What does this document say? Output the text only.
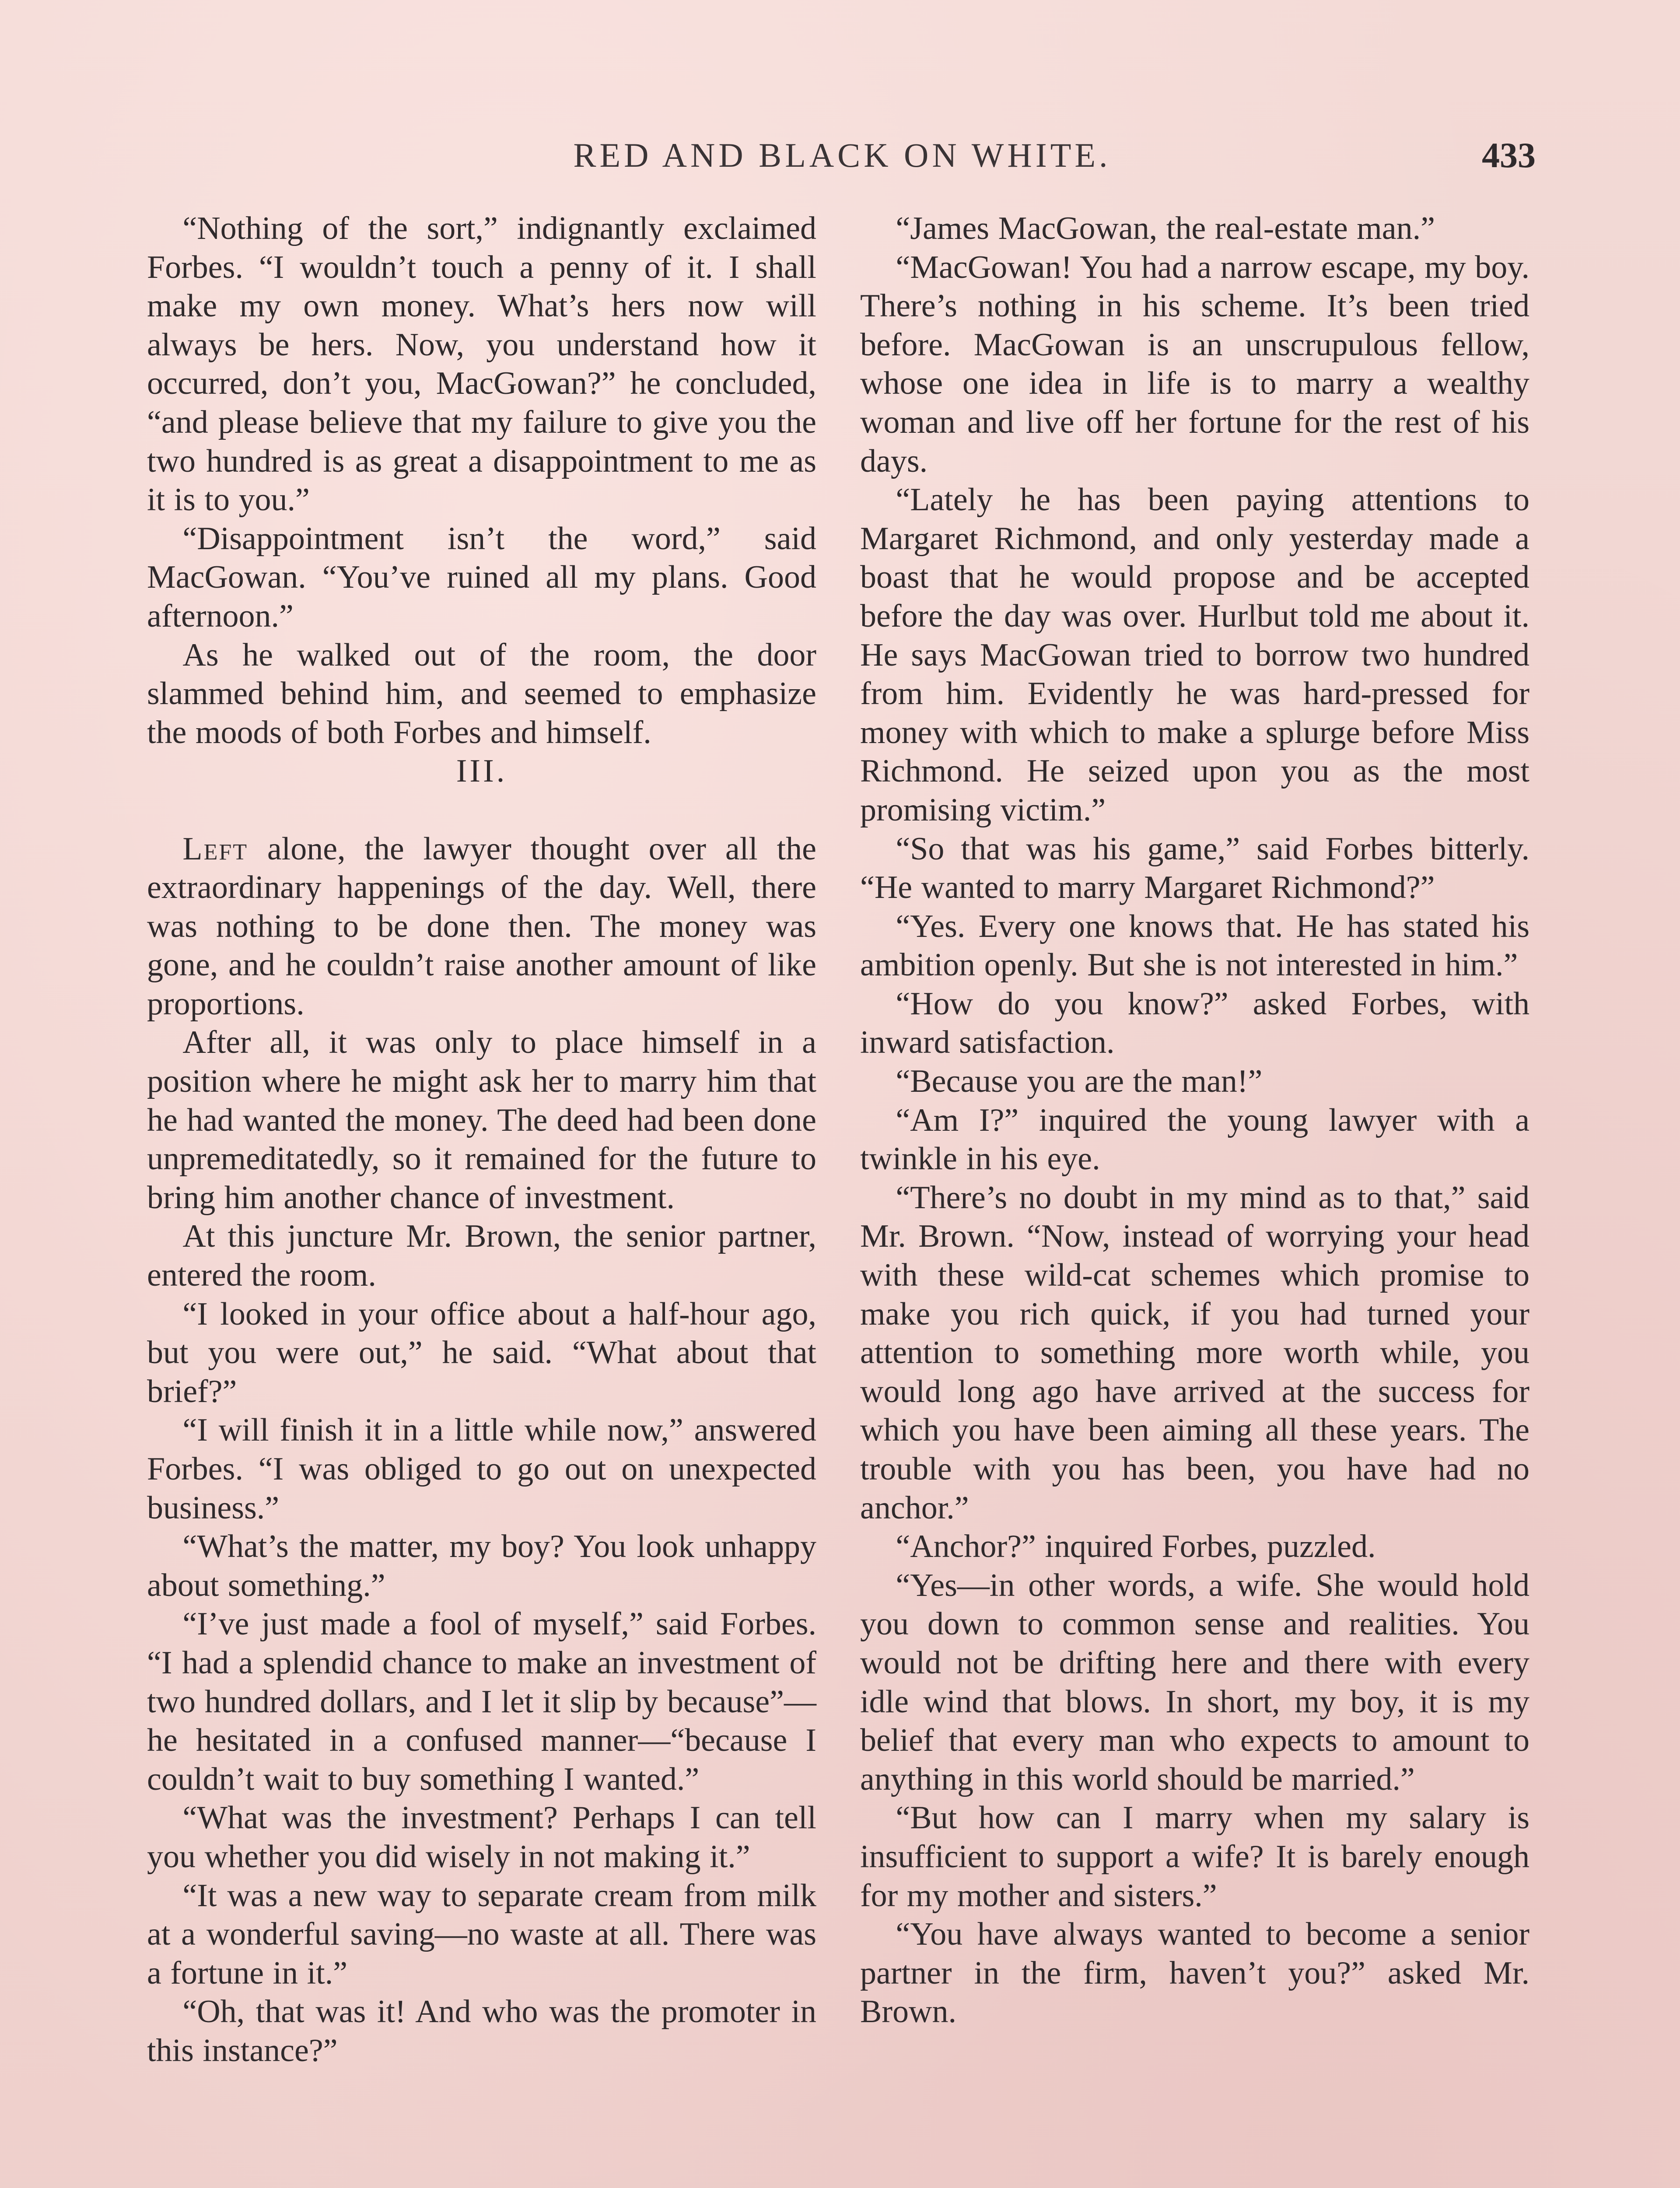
RED AND BLACK ON WHITE.	433

“Nothing of the sort,” indignantly exclaimed Forbes. “I wouldn’t touch a penny of it. I shall make my own money. What’s hers now will always be hers. Now, you understand how it occurred, don’t you, MacGowan?” he concluded, “and please believe that my failure to give you the two hundred is as great a disappointment to me as it is to you.”

“Disappointment isn’t the word,” said MacGowan. “You’ve ruined all my plans. Good afternoon.”

As he walked out of the room, the door slammed behind him, and seemed to emphasize the moods of both Forbes and himself.

III.

Left alone, the lawyer thought over all the extraordinary happenings of the day. Well, there was nothing to be done then. The money was gone, and he couldn’t raise another amount of like proportions.

After all, it was only to place himself in a position where he might ask her to marry him that he had wanted the money. The deed had been done unpremeditatedly, so it remained for the future to bring him another chance of investment.

At this juncture Mr. Brown, the senior partner, entered the room.

“I looked in your office about a half-hour ago, but you were out,” he said. “What about that brief?”

“I will finish it in a little while now,” answered Forbes. “I was obliged to go out on unexpected business.”

“What’s the matter, my boy? You look unhappy about something.”

“I’ve just made a fool of myself,” said Forbes. “I had a splendid chance to make an investment of two hundred dollars, and I let it slip by because”—he hesitated in a confused manner—“because I couldn’t wait to buy something I wanted.”

“What was the investment? Perhaps I can tell you whether you did wisely in not making it.”

“It was a new way to separate cream from milk at a wonderful saving—no waste at all. There was a fortune in it.”

“Oh, that was it! And who was the promoter in this instance?”

“James MacGowan, the real-estate man.”

“MacGowan! You had a narrow escape, my boy. There’s nothing in his scheme. It’s been tried before. MacGowan is an unscrupulous fellow, whose one idea in life is to marry a wealthy woman and live off her fortune for the rest of his days.

“Lately he has been paying attentions to Margaret Richmond, and only yesterday made a boast that he would propose and be accepted before the day was over. Hurlbut told me about it. He says MacGowan tried to borrow two hundred from him. Evidently he was hard-pressed for money with which to make a splurge before Miss Richmond. He seized upon you as the most promising victim.”

“So that was his game,” said Forbes bitterly. “He wanted to marry Margaret Richmond?”

“Yes. Every one knows that. He has stated his ambition openly. But she is not interested in him.”

“How do you know?” asked Forbes, with inward satisfaction.

“Because you are the man!”

“Am I?” inquired the young lawyer with a twinkle in his eye.

“There’s no doubt in my mind as to that,” said Mr. Brown. “Now, instead of worrying your head with these wild-cat schemes which promise to make you rich quick, if you had turned your attention to something more worth while, you would long ago have arrived at the success for which you have been aiming all these years. The trouble with you has been, you have had no anchor.”

“Anchor?” inquired Forbes, puzzled.

“Yes—in other words, a wife. She would hold you down to common sense and realities. You would not be drifting here and there with every idle wind that blows. In short, my boy, it is my belief that every man who expects to amount to anything in this world should be married.”

“But how can I marry when my salary is insufficient to support a wife? It is barely enough for my mother and sisters.”

“You have always wanted to become a senior partner in the firm, haven’t you?” asked Mr. Brown.
